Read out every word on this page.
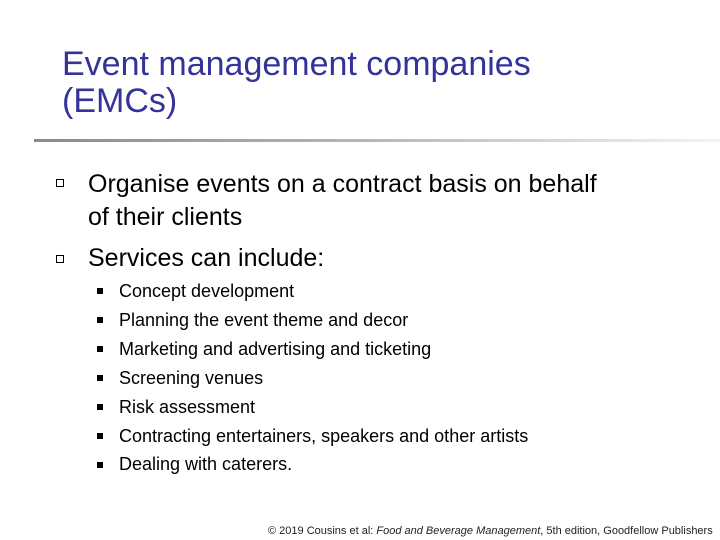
Event management companies
(EMCs)
Organise events on a contract basis on behalf
of their clients
Services can include:
Concept development
Planning the event theme and decor
Marketing and advertising and ticketing
Screening venues
Risk assessment
Contracting entertainers, speakers and other artists
Dealing with caterers.
© 2019 Cousins et al: Food and Beverage Management, 5th edition, Goodfellow Publishers
